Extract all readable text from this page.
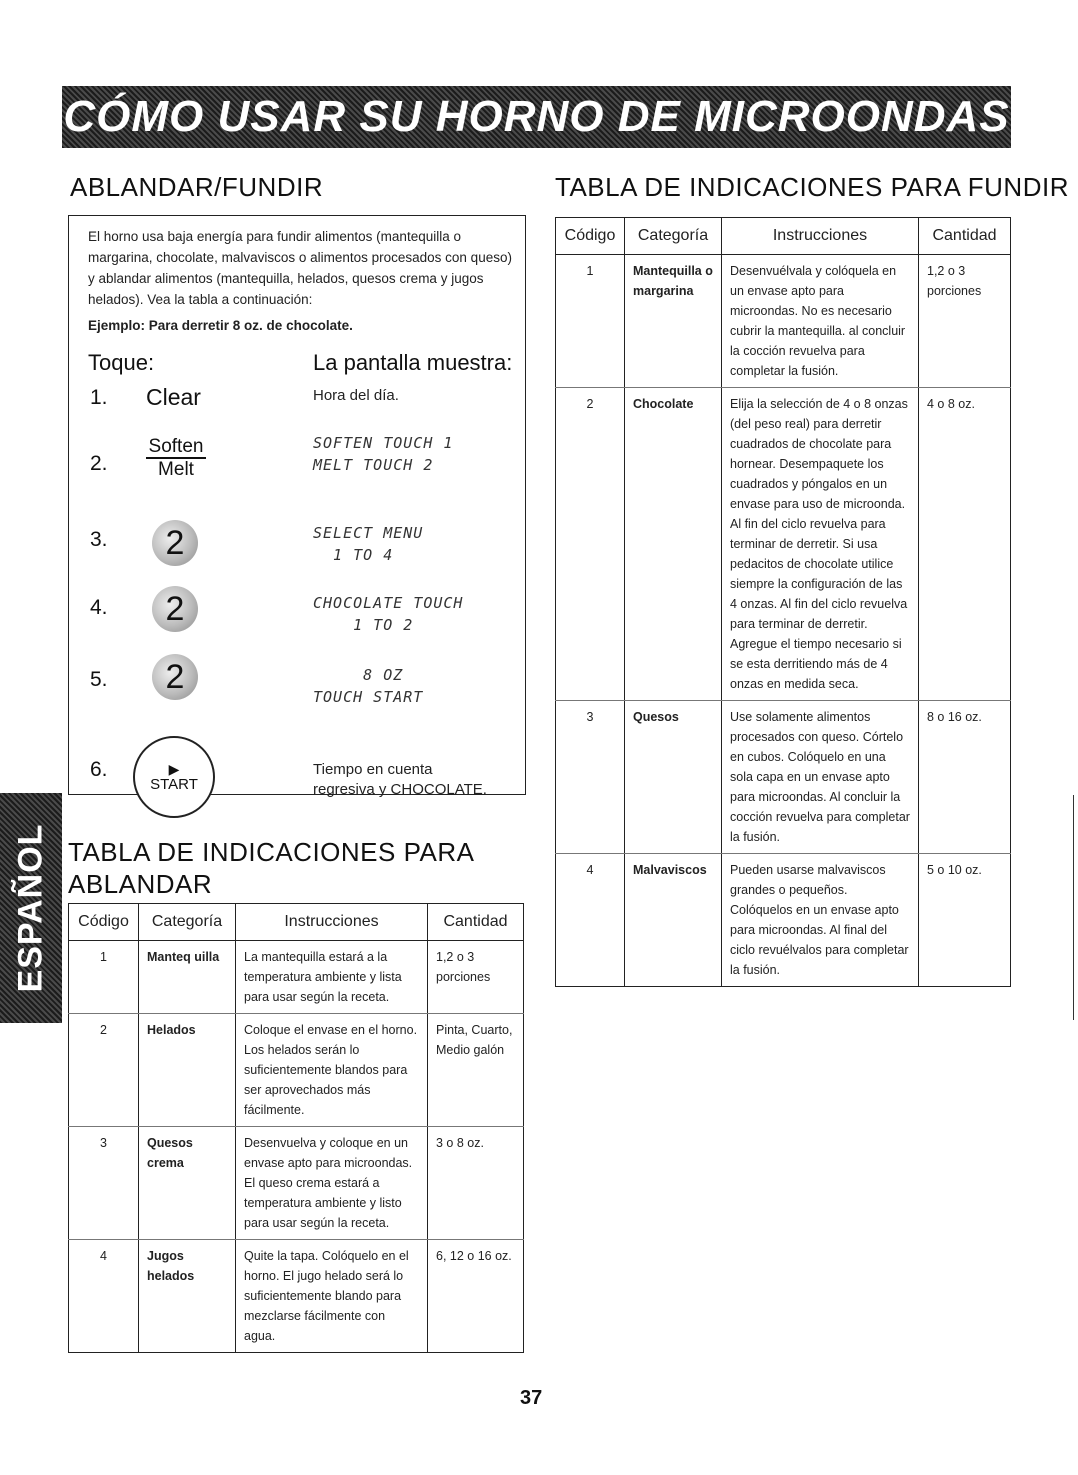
CÓMO USAR SU HORNO DE MICROONDAS
ESPAÑOL
ABLANDAR/FUNDIR
El horno usa baja energía para fundir alimentos (mantequilla o margarina, chocolate, malvaviscos o alimentos procesados con queso) y ablandar alimentos (mantequilla, helados, quesos crema y jugos helados). Vea la tabla a continuación:
Ejemplo: Para derretir 8 oz. de chocolate.
Toque:	La pantalla muestra:
1. Clear	Hora del día.
2.
Soften
Melt
SOFTEN TOUCH 1
MELT TOUCH 2
3.	2	SELECT MENU
1 TO 4
4.	2	CHOCOLATE TOUCH
1 TO 2
5.	2	8 OZ
TOUCH START
6.	▶
START
Tiempo en cuenta
regresiva y CHOCOLATE.
TABLA DE INDICACIONES PARA
ABLANDAR
Código	Categoría	Instrucciones	Cantidad
1	Manteq uilla	La mantequilla estará a la temperatura ambiente y lista para usar según la receta.	1,2 o 3 porciones
2	Helados	Coloque el envase en el horno. Los helados serán lo suficientemente blandos para ser aprovechados más fácilmente.	Pinta, Cuarto, Medio galón
3	Quesos crema	Desenvuelva y coloque en un envase apto para microondas. El queso crema estará a temperatura ambiente y listo para usar según la receta.	3 o 8 oz.
4	Jugos helados	Quite la tapa. Colóquelo en el horno. El jugo helado será lo suficientemente blando para mezclarse fácilmente con agua.	6, 12 o 16 oz.
TABLA DE INDICACIONES PARA FUNDIR
Código	Categoría	Instrucciones	Cantidad
1	Mantequilla o margarina	Desenvuélvala y colóquela en un envase apto para microondas. No es necesario cubrir la mantequilla. al concluir la cocción revuelva para completar la fusión.	1,2 o 3 porciones
2	Chocolate	Elija la selección de 4 o 8 onzas (del peso real) para derretir cuadrados de chocolate para hornear. Desempaquete los cuadrados y póngalos en un envase para uso de microonda. Al fin del ciclo revuelva para terminar de derretir. Si usa pedacitos de chocolate utilice siempre la configuración de las 4 onzas. Al fin del ciclo revuelva para terminar de derretir. Agregue el tiempo necesario si se esta derritiendo más de 4 onzas en medida seca.	4 o 8 oz.
3	Quesos	Use solamente alimentos procesados con queso. Córtelo en cubos. Colóquelo en una sola capa en un envase apto para microondas. Al concluir la cocción revuelva para completar la fusión.	8 o 16 oz.
4	Malvaviscos	Pueden usarse malvaviscos grandes o pequeños. Colóquelos en un envase apto para microondas. Al final del ciclo revuélvalos para completar la fusión.	5 o 10 oz.
37
